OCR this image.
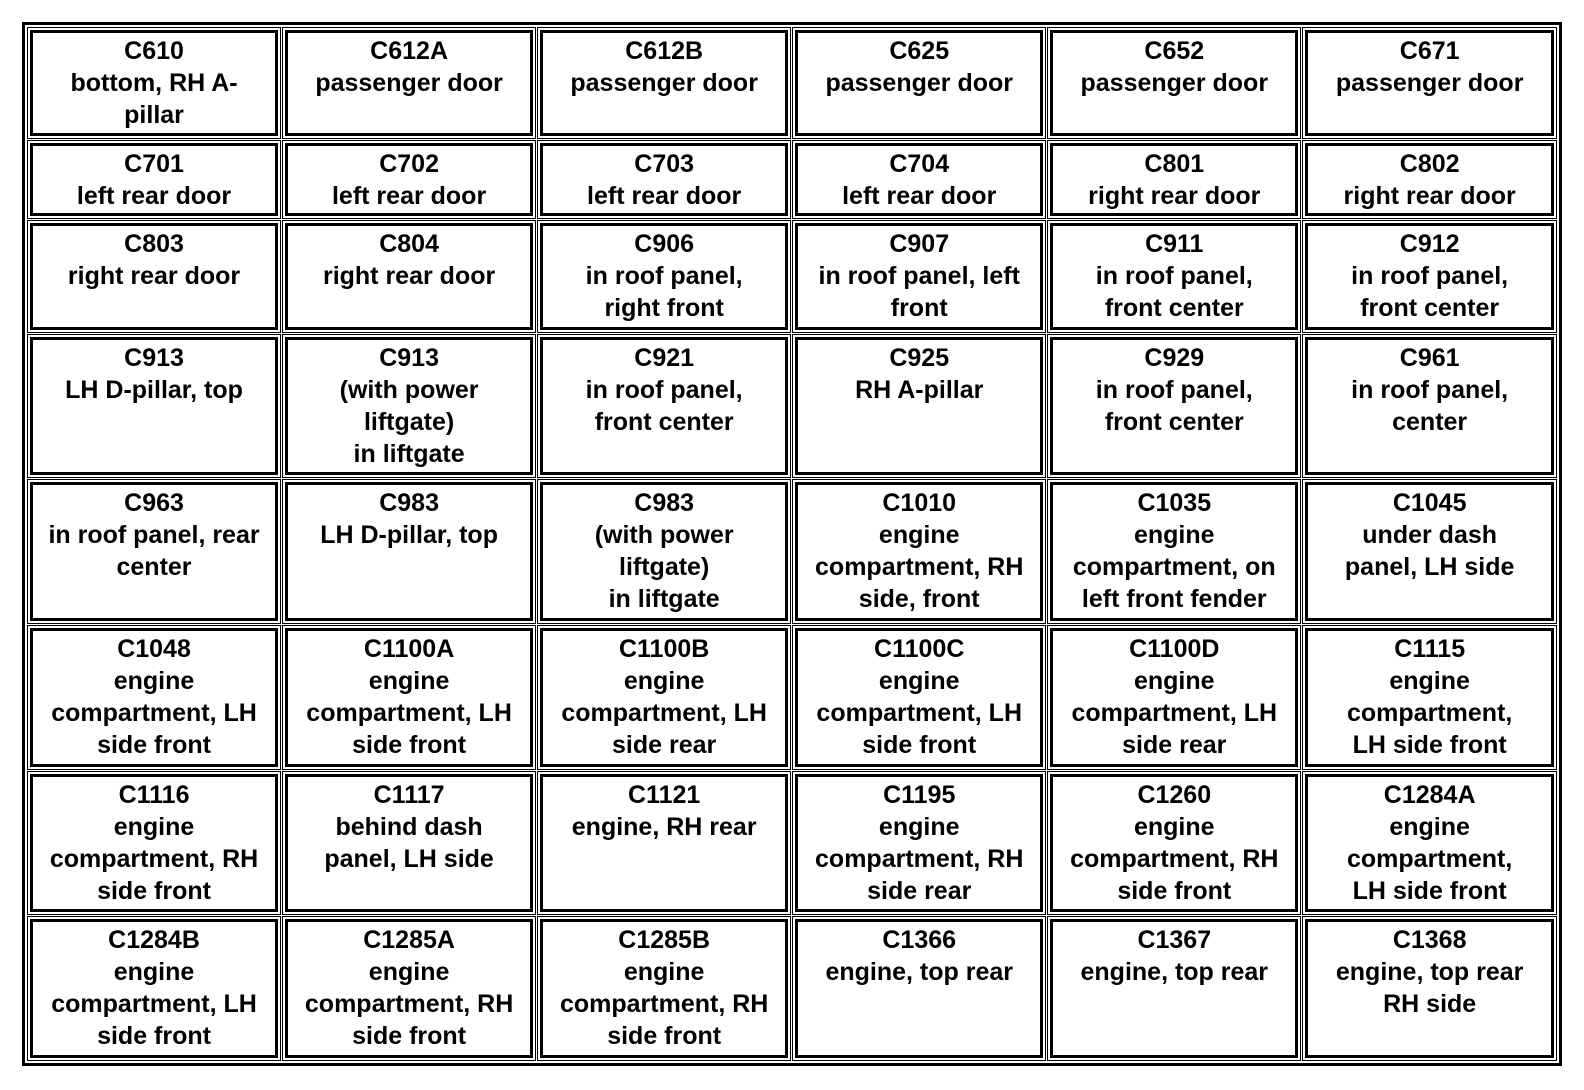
C610
bottom, RH A-
pillar	C612A
passenger door	C612B
passenger door	C625
passenger door	C652
passenger door	C671
passenger door

C701
left rear door	C702
left rear door	C703
left rear door	C704
left rear door	C801
right rear door	C802
right rear door

C803
right rear door	C804
right rear door	C906
in roof panel,
right front	C907
in roof panel, left
front	C911
in roof panel,
front center	C912
in roof panel,
front center

C913
LH D-pillar, top	C913
(with power
liftgate)
in liftgate	C921
in roof panel,
front center	C925
RH A-pillar	C929
in roof panel,
front center	C961
in roof panel,
center

C963
in roof panel, rear
center	C983
LH D-pillar, top	C983
(with power
liftgate)
in liftgate	C1010
engine
compartment, RH
side, front	C1035
engine
compartment, on
left front fender	C1045
under dash
panel, LH side

C1048
engine
compartment, LH
side front	C1100A
engine
compartment, LH
side front	C1100B
engine
compartment, LH
side rear	C1100C
engine
compartment, LH
side front	C1100D
engine
compartment, LH
side rear	C1115
engine
compartment,
LH side front

C1116
engine
compartment, RH
side front	C1117
behind dash
panel, LH side	C1121
engine, RH rear	C1195
engine
compartment, RH
side rear	C1260
engine
compartment, RH
side front	C1284A
engine
compartment,
LH side front

C1284B
engine
compartment, LH
side front	C1285A
engine
compartment, RH
side front	C1285B
engine
compartment, RH
side front	C1366
engine, top rear	C1367
engine, top rear	C1368
engine, top rear
RH side
